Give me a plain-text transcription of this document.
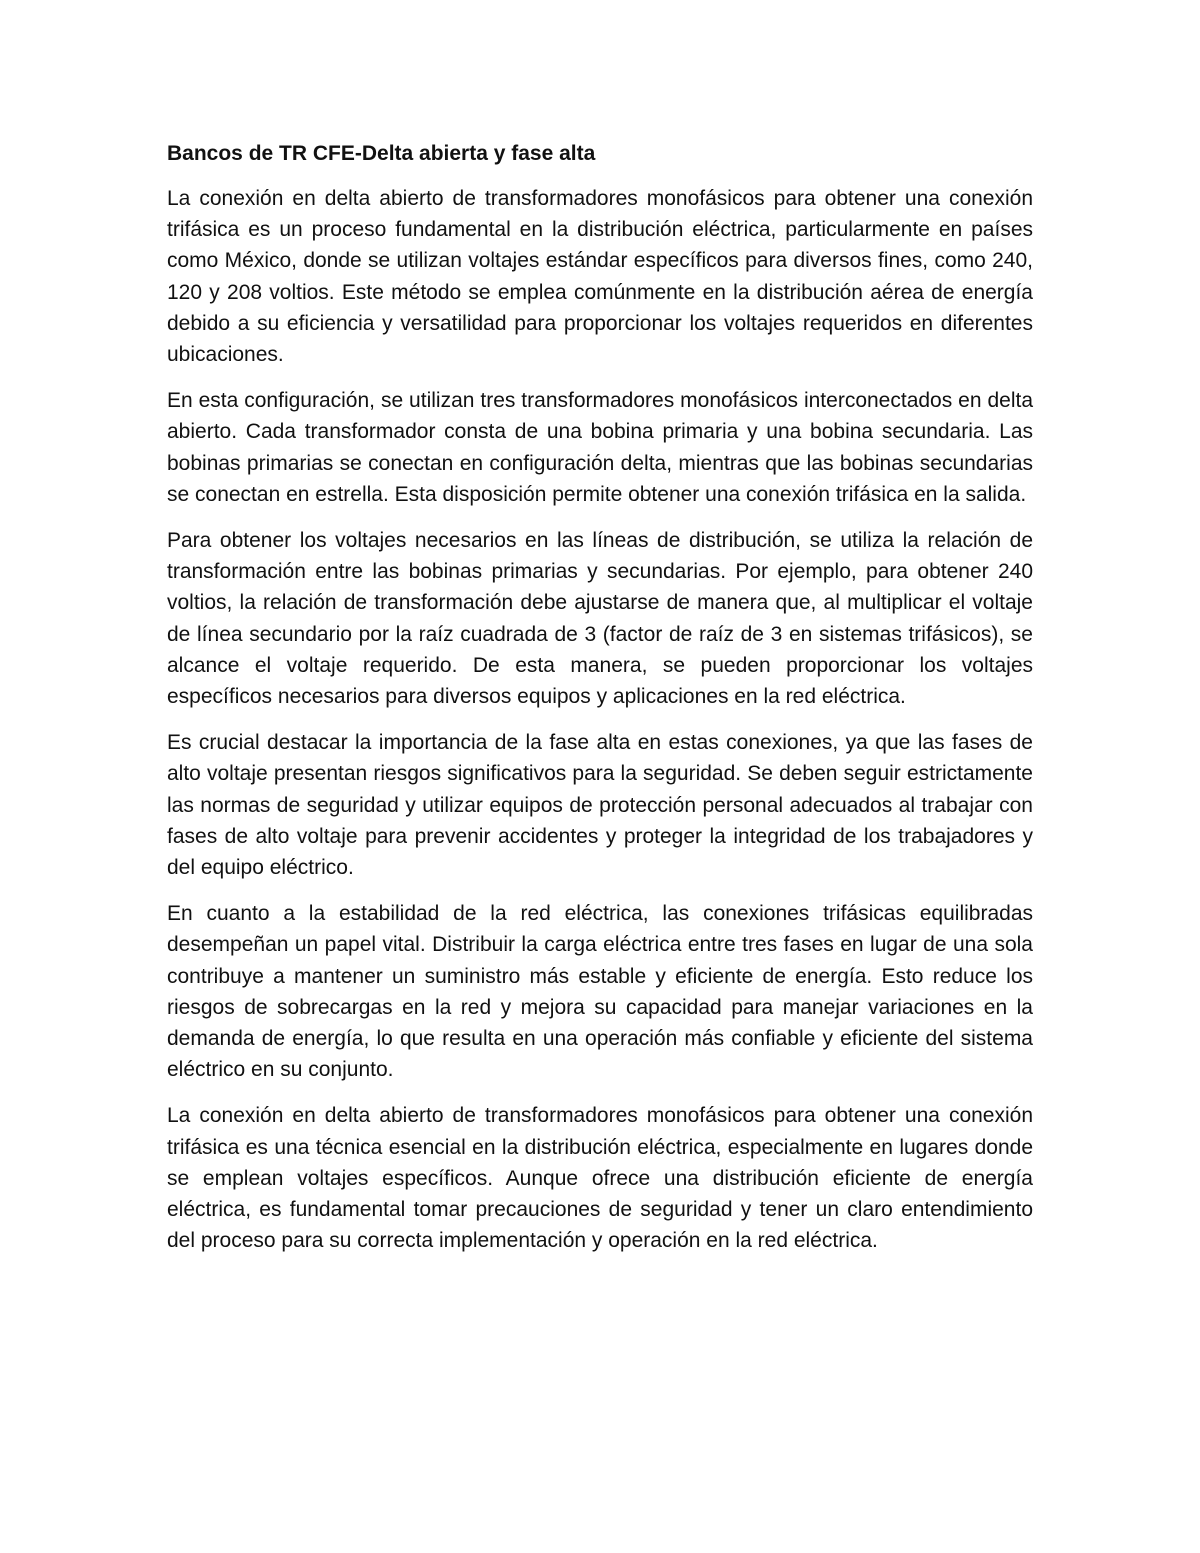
Bancos de TR CFE-Delta abierta y fase alta

La conexión en delta abierto de transformadores monofásicos para obtener una conexión trifásica es un proceso fundamental en la distribución eléctrica, particularmente en países como México, donde se utilizan voltajes estándar específicos para diversos fines, como 240, 120 y 208 voltios. Este método se emplea comúnmente en la distribución aérea de energía debido a su eficiencia y versatilidad para proporcionar los voltajes requeridos en diferentes ubicaciones.

En esta configuración, se utilizan tres transformadores monofásicos interconectados en delta abierto. Cada transformador consta de una bobina primaria y una bobina secundaria. Las bobinas primarias se conectan en configuración delta, mientras que las bobinas secundarias se conectan en estrella. Esta disposición permite obtener una conexión trifásica en la salida.

Para obtener los voltajes necesarios en las líneas de distribución, se utiliza la relación de transformación entre las bobinas primarias y secundarias. Por ejemplo, para obtener 240 voltios, la relación de transformación debe ajustarse de manera que, al multiplicar el voltaje de línea secundario por la raíz cuadrada de 3 (factor de raíz de 3 en sistemas trifásicos), se alcance el voltaje requerido. De esta manera, se pueden proporcionar los voltajes específicos necesarios para diversos equipos y aplicaciones en la red eléctrica.

Es crucial destacar la importancia de la fase alta en estas conexiones, ya que las fases de alto voltaje presentan riesgos significativos para la seguridad. Se deben seguir estrictamente las normas de seguridad y utilizar equipos de protección personal adecuados al trabajar con fases de alto voltaje para prevenir accidentes y proteger la integridad de los trabajadores y del equipo eléctrico.

En cuanto a la estabilidad de la red eléctrica, las conexiones trifásicas equilibradas desempeñan un papel vital. Distribuir la carga eléctrica entre tres fases en lugar de una sola contribuye a mantener un suministro más estable y eficiente de energía. Esto reduce los riesgos de sobrecargas en la red y mejora su capacidad para manejar variaciones en la demanda de energía, lo que resulta en una operación más confiable y eficiente del sistema eléctrico en su conjunto.

La conexión en delta abierto de transformadores monofásicos para obtener una conexión trifásica es una técnica esencial en la distribución eléctrica, especialmente en lugares donde se emplean voltajes específicos. Aunque ofrece una distribución eficiente de energía eléctrica, es fundamental tomar precauciones de seguridad y tener un claro entendimiento del proceso para su correcta implementación y operación en la red eléctrica.
